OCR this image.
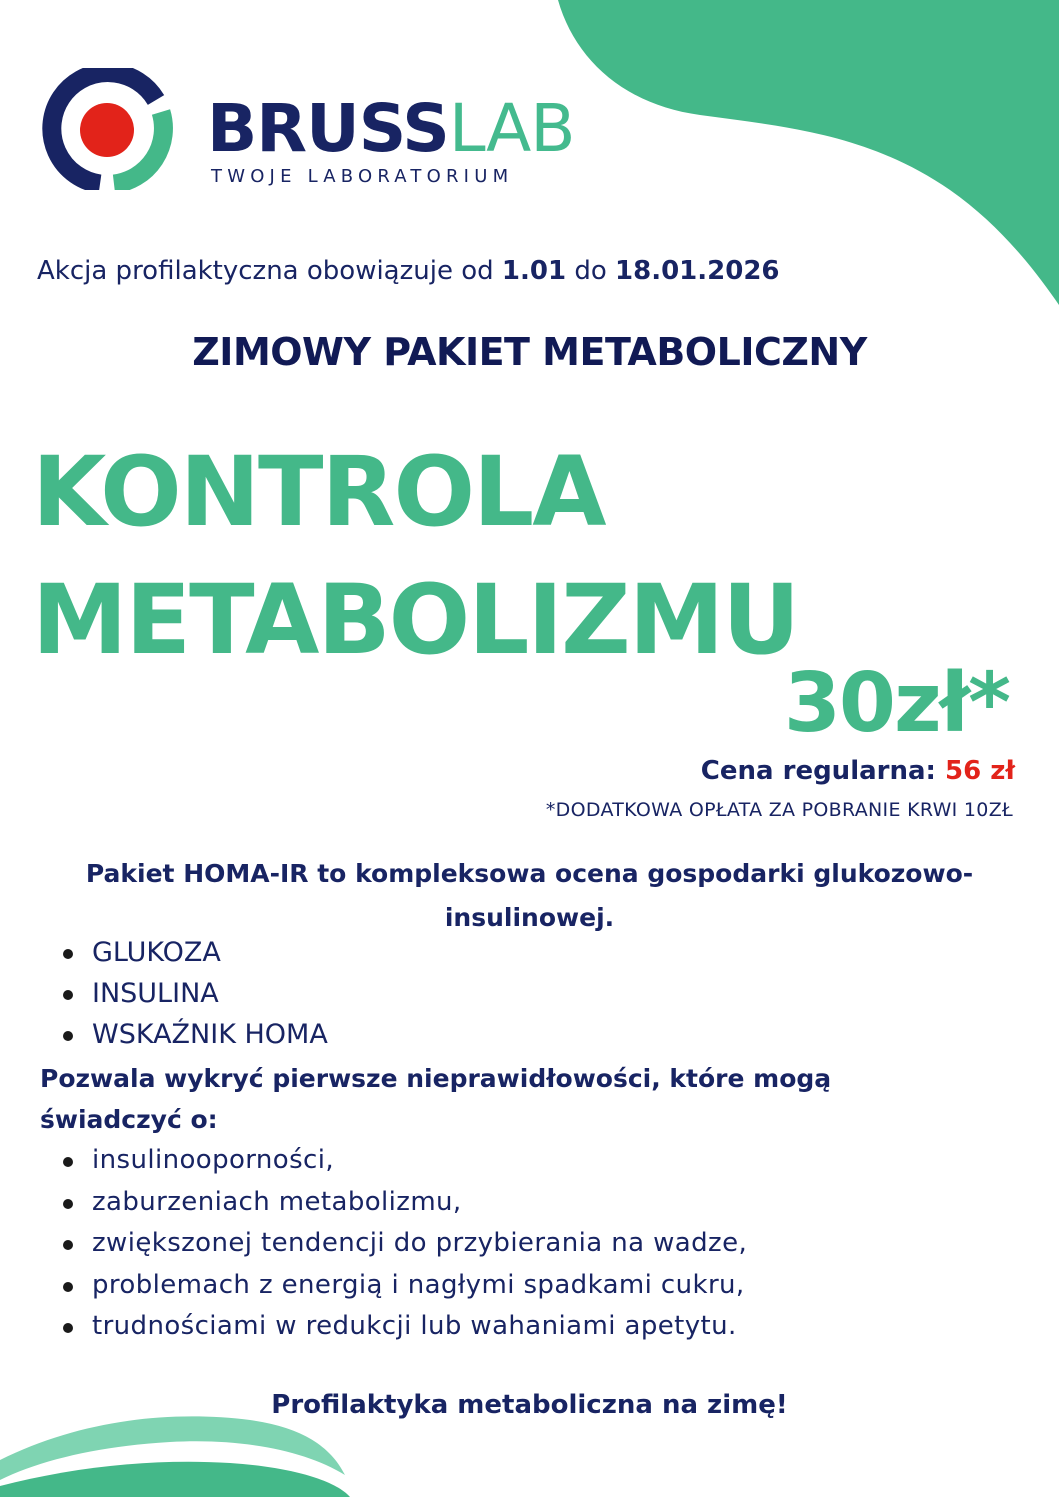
BRUSSLAB
TWOJE LABORATORIUM
Akcja profilaktyczna obowiązuje od 1.01 do 18.01.2026
ZIMOWY PAKIET METABOLICZNY
KONTROLA
METABOLIZMU
30zł*
Cena regularna: 56 zł
*DODATKOWA OPŁATA ZA POBRANIE KRWI 10ZŁ
Pakiet HOMA-IR to kompleksowa ocena gospodarki glukozowo-insulinowej.
GLUKOZA
INSULINA
WSKAŹNIK HOMA
Pozwala wykryć pierwsze nieprawidłowości, które mogą świadczyć o:
insulinooporności,
zaburzeniach metabolizmu,
zwiększonej tendencji do przybierania na wadze,
problemach z energią i nagłymi spadkami cukru,
trudnościami w redukcji lub wahaniami apetytu.
Profilaktyka metaboliczna na zimę!
